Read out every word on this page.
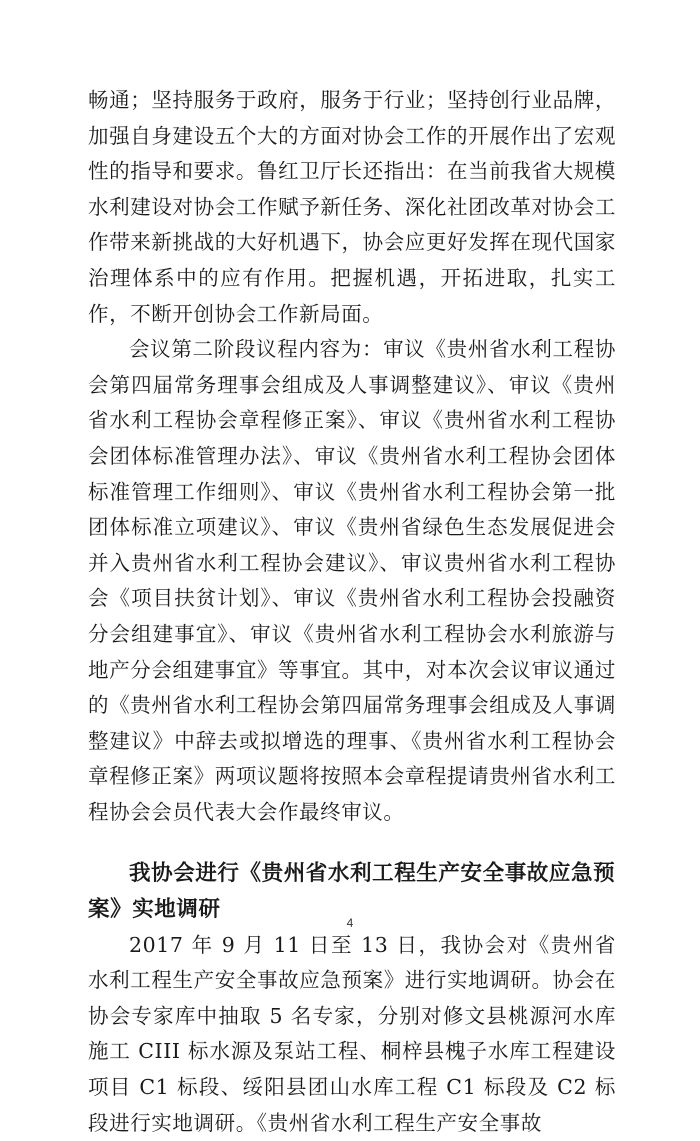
畅通；坚持服务于政府，服务于行业；坚持创行业品牌，加强自身建设五个大的方面对协会工作的开展作出了宏观性的指导和要求。鲁红卫厅长还指出：在当前我省大规模水利建设对协会工作赋予新任务、深化社团改革对协会工作带来新挑战的大好机遇下，协会应更好发挥在现代国家治理体系中的应有作用。把握机遇，开拓进取，扎实工作，不断开创协会工作新局面。

会议第二阶段议程内容为：审议《贵州省水利工程协会第四届常务理事会组成及人事调整建议》、审议《贵州省水利工程协会章程修正案》、审议《贵州省水利工程协会团体标准管理办法》、审议《贵州省水利工程协会团体标准管理工作细则》、审议《贵州省水利工程协会第一批团体标准立项建议》、审议《贵州省绿色生态发展促进会并入贵州省水利工程协会建议》、审议贵州省水利工程协会《项目扶贫计划》、审议《贵州省水利工程协会投融资分会组建事宜》、审议《贵州省水利工程协会水利旅游与地产分会组建事宜》等事宜。其中，对本次会议审议通过的《贵州省水利工程协会第四届常务理事会组成及人事调整建议》中辞去或拟增选的理事、《贵州省水利工程协会章程修正案》两项议题将按照本会章程提请贵州省水利工程协会会员代表大会作最终审议。

我协会进行《贵州省水利工程生产安全事故应急预案》实地调研

2017 年 9 月 11 日至 13 日，我协会对《贵州省水利工程生产安全事故应急预案》进行实地调研。协会在协会专家库中抽取 5 名专家，分别对修文县桃源河水库施工 CIII 标水源及泵站工程、桐梓县槐子水库工程建设项目 C1 标段、绥阳县团山水库工程 C1 标段及 C2 标段进行实地调研。《贵州省水利工程生产安全事故

4
